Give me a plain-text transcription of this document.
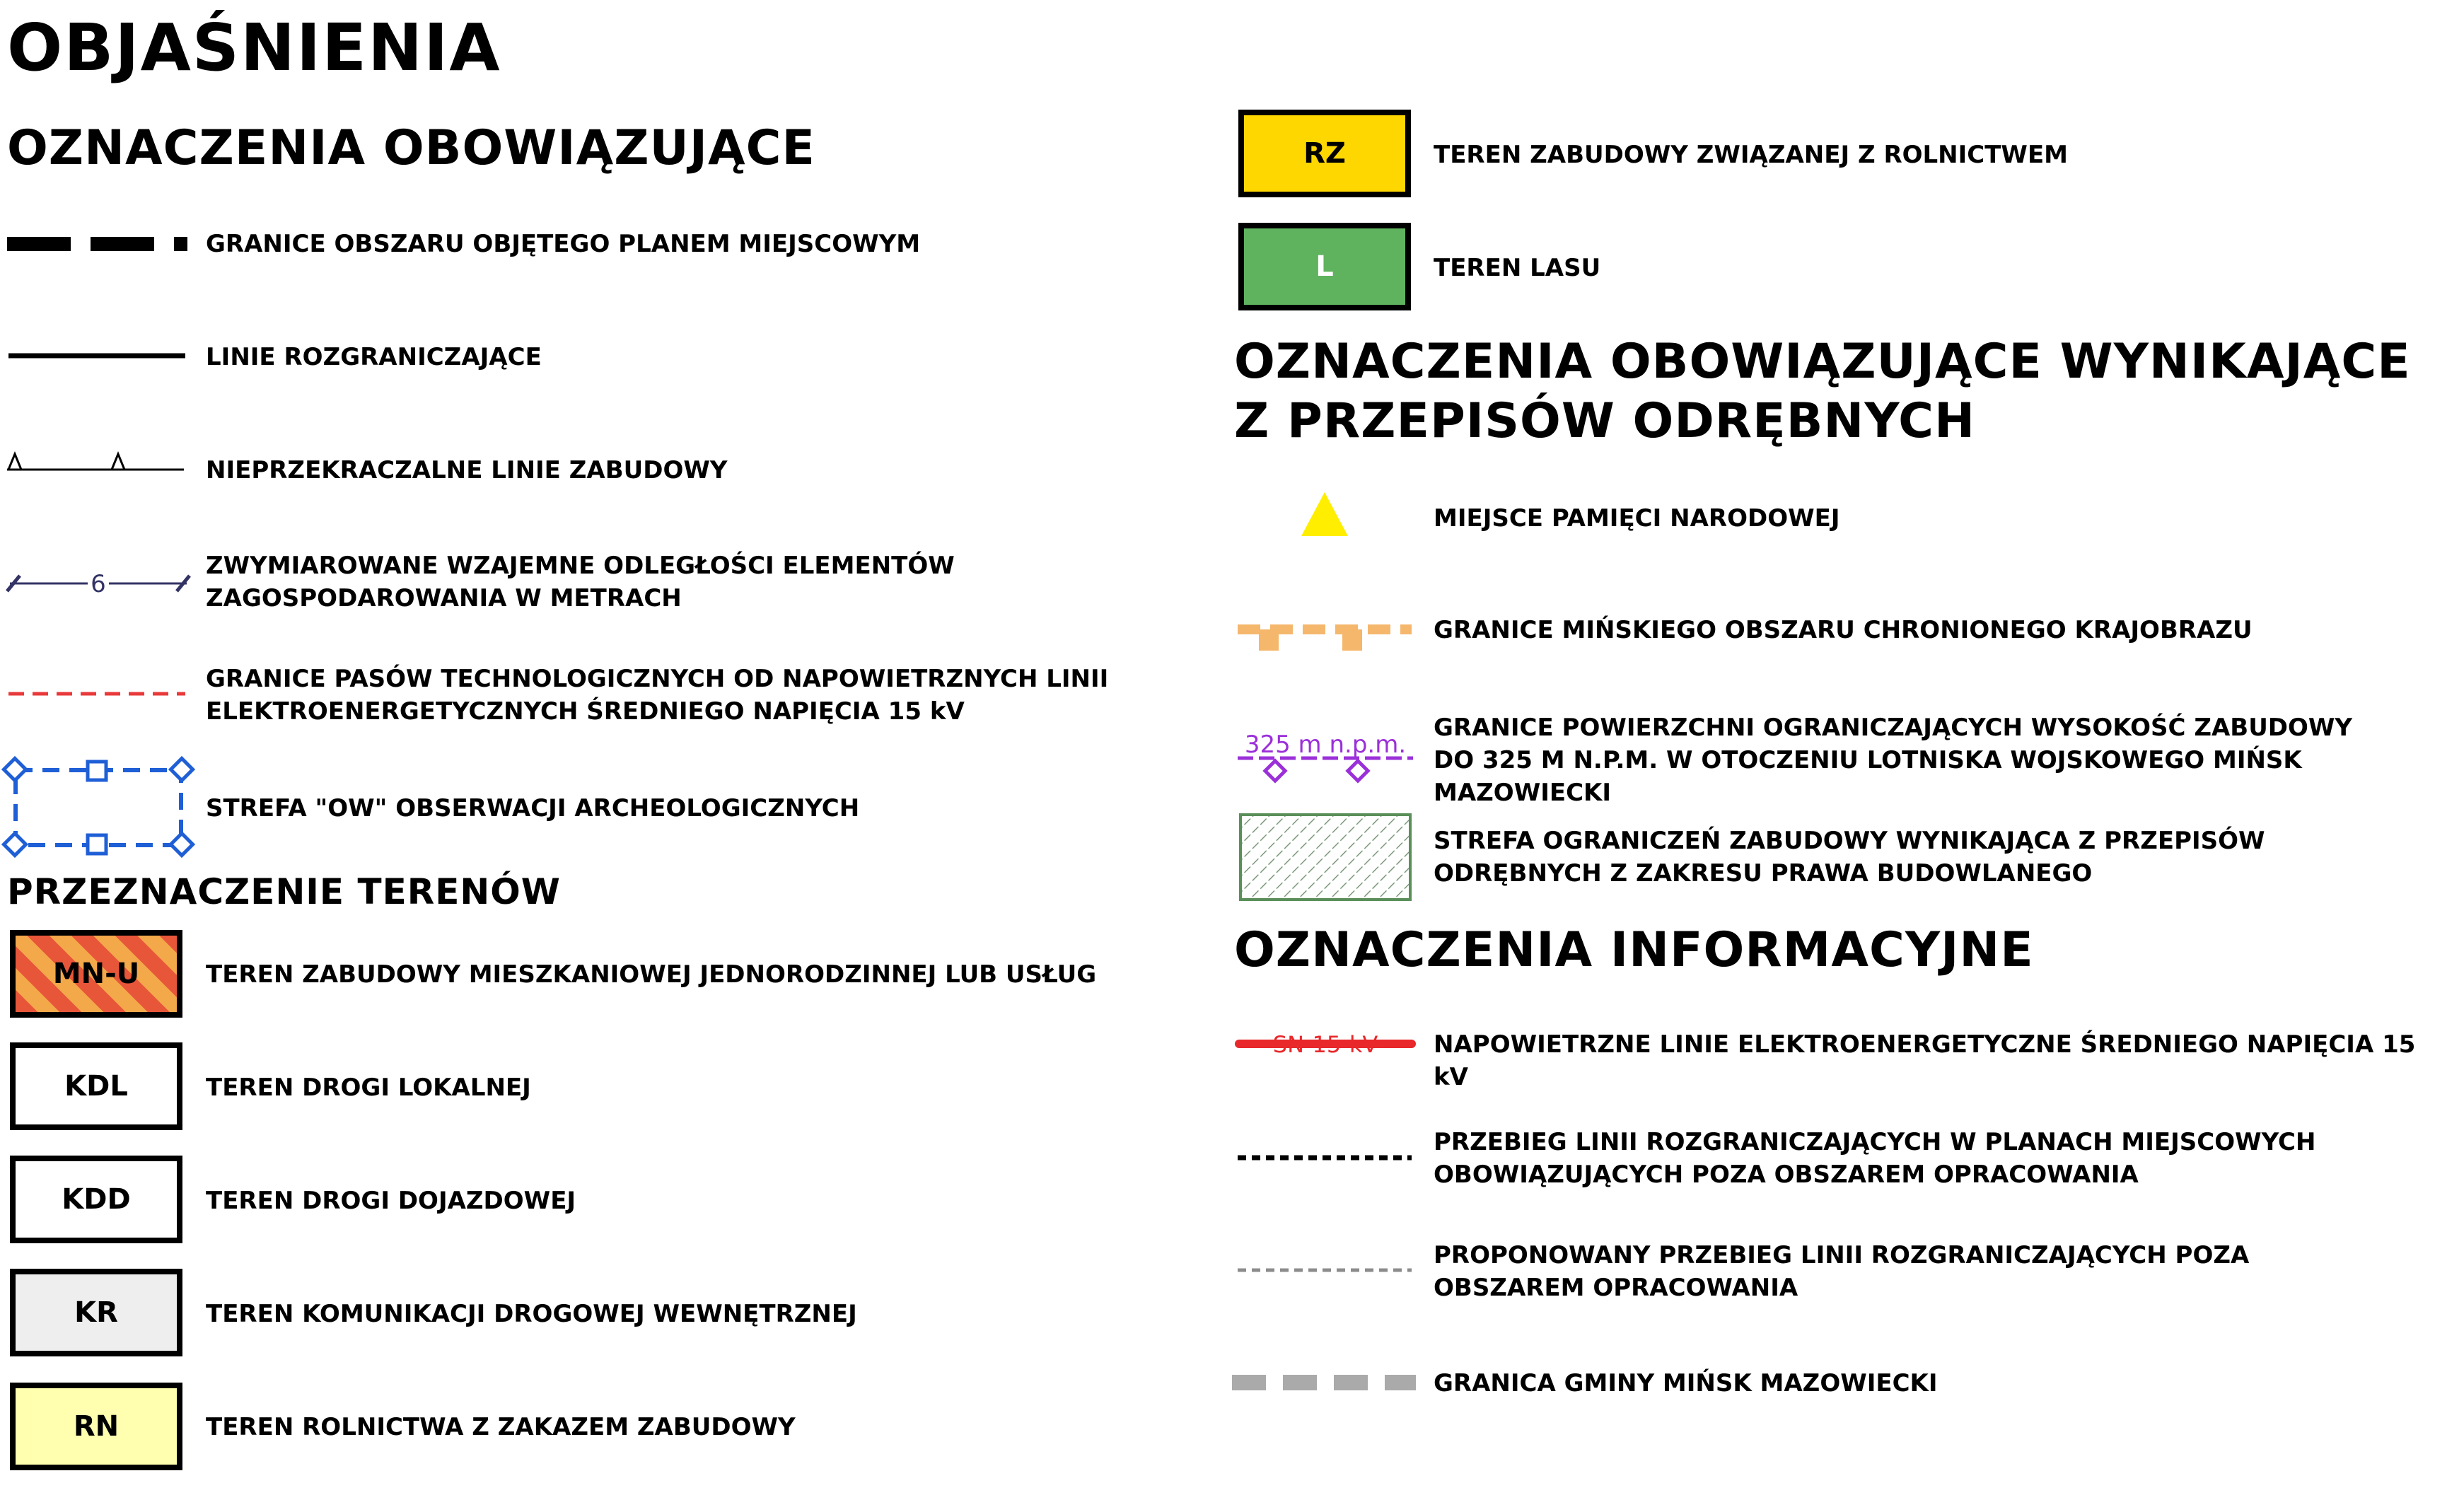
OBJAŚNIENIA
OZNACZENIA OBOWIĄZUJĄCE
GRANICE OBSZARU OBJĘTEGO PLANEM MIEJSCOWYM
LINIE ROZGRANICZAJĄCE
NIEPRZEKRACZALNE LINIE ZABUDOWY
6
ZWYMIAROWANE WZAJEMNE ODLEGŁOŚCI ELEMENTÓW
ZAGOSPODAROWANIA W METRACH
GRANICE PASÓW TECHNOLOGICZNYCH OD NAPOWIETRZNYCH LINII
ELEKTROENERGETYCZNYCH ŚREDNIEGO NAPIĘCIA 15 kV
STREFA "OW" OBSERWACJI ARCHEOLOGICZNYCH
PRZEZNACZENIE TERENÓW
MN-U	TEREN ZABUDOWY MIESZKANIOWEJ JEDNORODZINNEJ LUB USŁUG
KDL	TEREN DROGI LOKALNEJ
KDD	TEREN DROGI DOJAZDOWEJ
KR	TEREN KOMUNIKACJI DROGOWEJ WEWNĘTRZNEJ
RN	TEREN ROLNICTWA Z ZAKAZEM ZABUDOWY
RZ	TEREN ZABUDOWY ZWIĄZANEJ Z ROLNICTWEM
L	TEREN LASU
OZNACZENIA OBOWIĄZUJĄCE WYNIKAJĄCE
Z PRZEPISÓW ODRĘBNYCH
MIEJSCE PAMIĘCI NARODOWEJ
GRANICE MIŃSKIEGO OBSZARU CHRONIONEGO KRAJOBRAZU
325 m n.p.m.
GRANICE POWIERZCHNI OGRANICZAJĄCYCH WYSOKOŚĆ ZABUDOWY
DO 325 M N.P.M. W OTOCZENIU LOTNISKA WOJSKOWEGO MIŃSK MAZOWIECKI
STREFA OGRANICZEŃ ZABUDOWY WYNIKAJĄCA Z PRZEPISÓW
ODRĘBNYCH Z ZAKRESU PRAWA BUDOWLANEGO
OZNACZENIA INFORMACYJNE
SN-15-kV NAPOWIETRZNE LINIE ELEKTROENERGETYCZNE ŚREDNIEGO NAPIĘCIA 15 kV
PRZEBIEG LINII ROZGRANICZAJĄCYCH W PLANACH MIEJSCOWYCH
OBOWIĄZUJĄCYCH POZA OBSZAREM OPRACOWANIA
PROPONOWANY PRZEBIEG LINII ROZGRANICZAJĄCYCH POZA
OBSZAREM OPRACOWANIA
GRANICA GMINY MIŃSK MAZOWIECKI
